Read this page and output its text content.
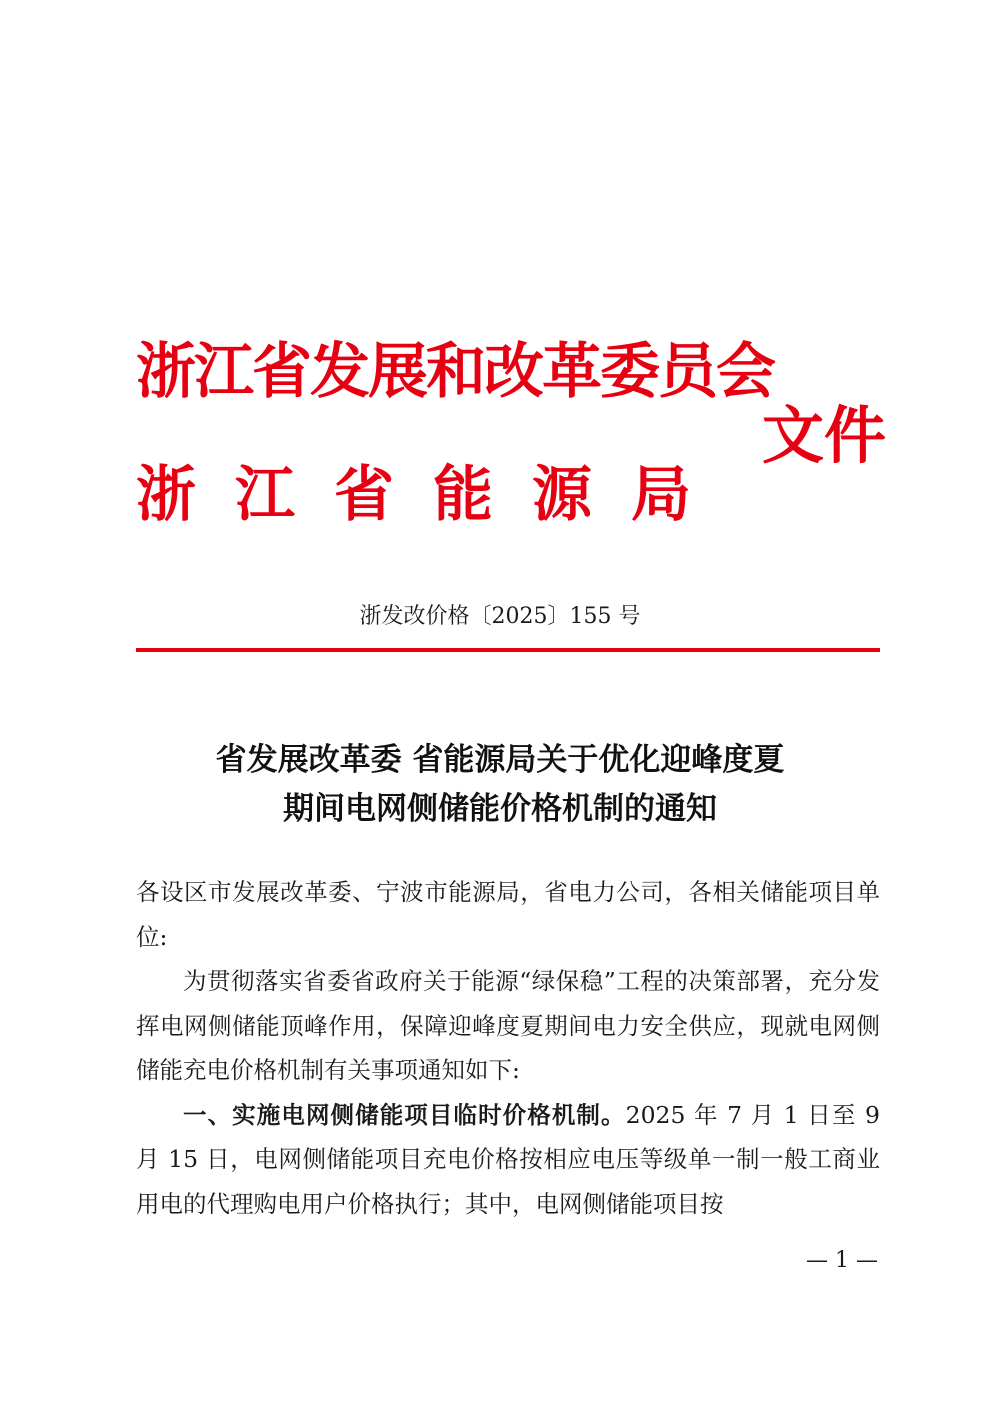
浙江省发展和改革委员会
浙江省能源局
文件
浙发改价格〔2025〕155 号
省发展改革委 省能源局关于优化迎峰度夏
期间电网侧储能价格机制的通知

各设区市发展改革委、宁波市能源局，省电力公司，各相关储能项目单位:

为贯彻落实省委省政府关于能源“绿保稳”工程的决策部署，充分发挥电网侧储能顶峰作用，保障迎峰度夏期间电力安全供应，现就电网侧储能充电价格机制有关事项通知如下:

一、实施电网侧储能项目临时价格机制。2025 年 7 月 1 日至 9 月 15 日，电网侧储能项目充电价格按相应电压等级单一制一般工商业用电的代理购电用户价格执行；其中，电网侧储能项目按

— 1 —
